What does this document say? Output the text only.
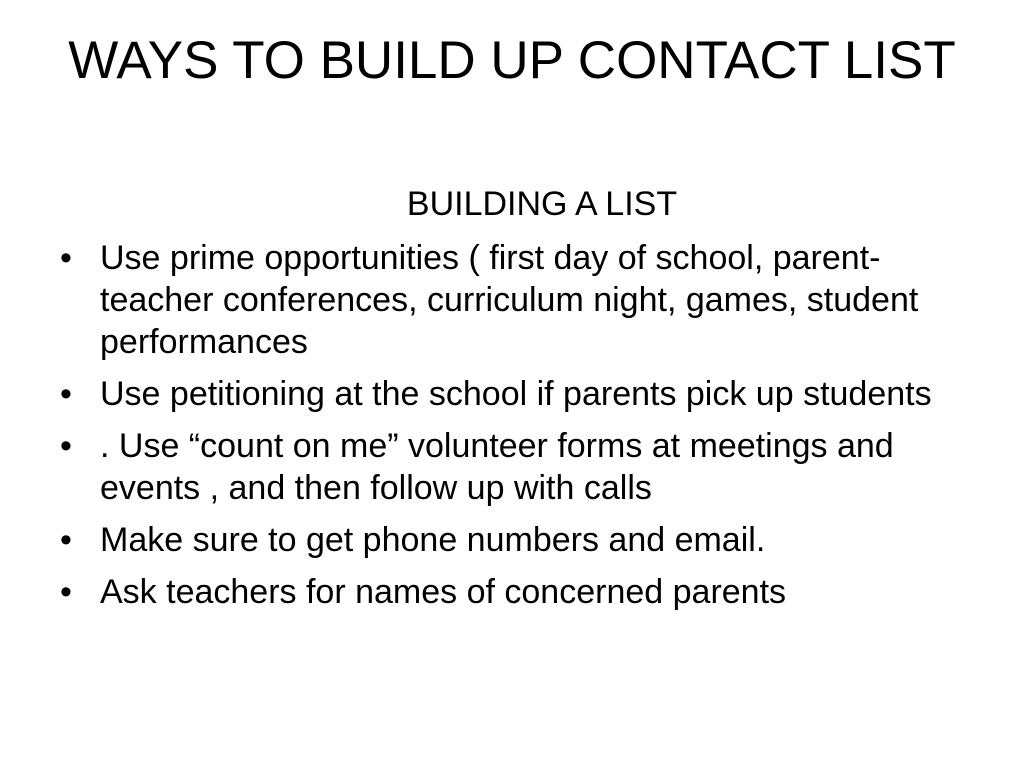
WAYS TO BUILD UP CONTACT LIST

BUILDING A LIST

• Use prime opportunities ( first day of school, parent- teacher conferences, curriculum night, games, student performances
• Use petitioning at the school if parents pick up students
• . Use “count on me” volunteer forms at meetings and events , and then follow up with calls
• Make sure to get phone numbers and email.
• Ask teachers for names of concerned parents
